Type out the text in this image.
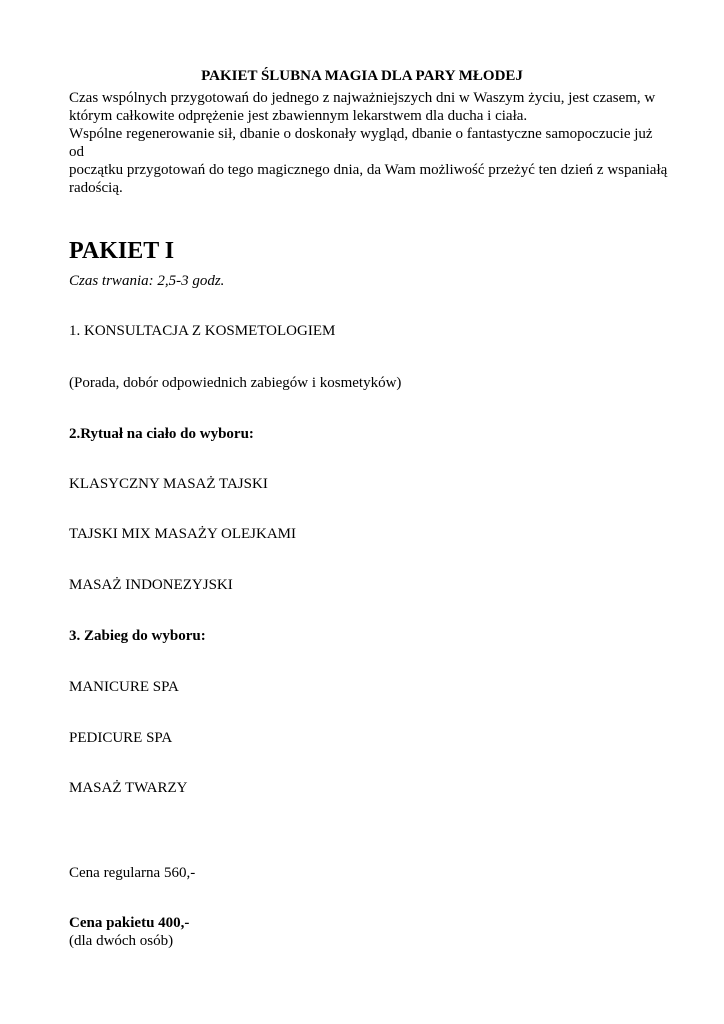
PAKIET ŚLUBNA MAGIA DLA PARY MŁODEJ

Czas wspólnych przygotowań do jednego z najważniejszych dni w Waszym życiu, jest czasem, w
którym całkowite odprężenie jest zbawiennym lekarstwem dla ducha i ciała.
Wspólne regenerowanie sił, dbanie o doskonały wygląd, dbanie o fantastyczne samopoczucie już od
początku przygotowań do tego magicznego dnia, da Wam możliwość przeżyć ten dzień z wspaniałą
radością.

PAKIET I

Czas trwania: 2,5-3 godz.

1. KONSULTACJA Z KOSMETOLOGIEM

(Porada, dobór odpowiednich zabiegów i kosmetyków)

2.Rytuał na ciało do wyboru:

KLASYCZNY MASAŻ TAJSKI

TAJSKI MIX MASAŻY OLEJKAMI

MASAŻ INDONEZYJSKI

3. Zabieg do wyboru:

MANICURE SPA

PEDICURE SPA

MASAŻ TWARZY

Cena regularna 560,-

Cena pakietu 400,-

(dla dwóch osób)
